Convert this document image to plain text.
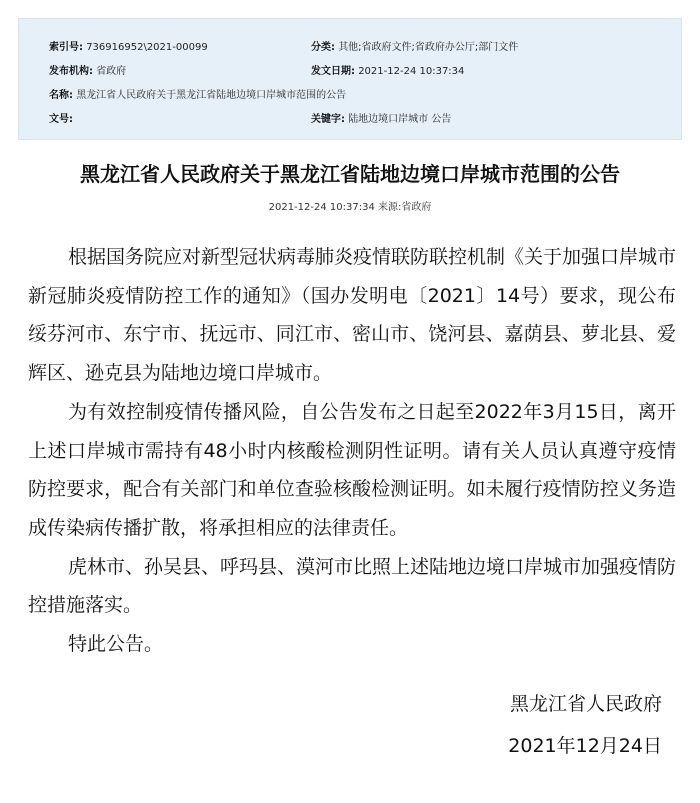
索引号: 736916952\2021-00099	分类: 其他;省政府文件;省政府办公厅;部门文件
发布机构: 省政府	发文日期: 2021-12-24 10:37:34
名称: 黑龙江省人民政府关于黑龙江省陆地边境口岸城市范围的公告
文号:	关键字: 陆地边境口岸城市 公告
黑龙江省人民政府关于黑龙江省陆地边境口岸城市范围的公告
2021-12-24 10:37:34 来源:省政府

根据国务院应对新型冠状病毒肺炎疫情联防联控机制《关于加强口岸城市新冠肺炎疫情防控工作的通知》（国办发明电〔2021〕14号）要求，现公布绥芬河市、东宁市、抚远市、同江市、密山市、饶河县、嘉荫县、萝北县、爱辉区、逊克县为陆地边境口岸城市。

为有效控制疫情传播风险，自公告发布之日起至2022年3月15日，离开上述口岸城市需持有48小时内核酸检测阴性证明。请有关人员认真遵守疫情防控要求，配合有关部门和单位查验核酸检测证明。如未履行疫情防控义务造成传染病传播扩散，将承担相应的法律责任。

虎林市、孙吴县、呼玛县、漠河市比照上述陆地边境口岸城市加强疫情防控措施落实。

特此公告。

黑龙江省人民政府
2021年12月24日
